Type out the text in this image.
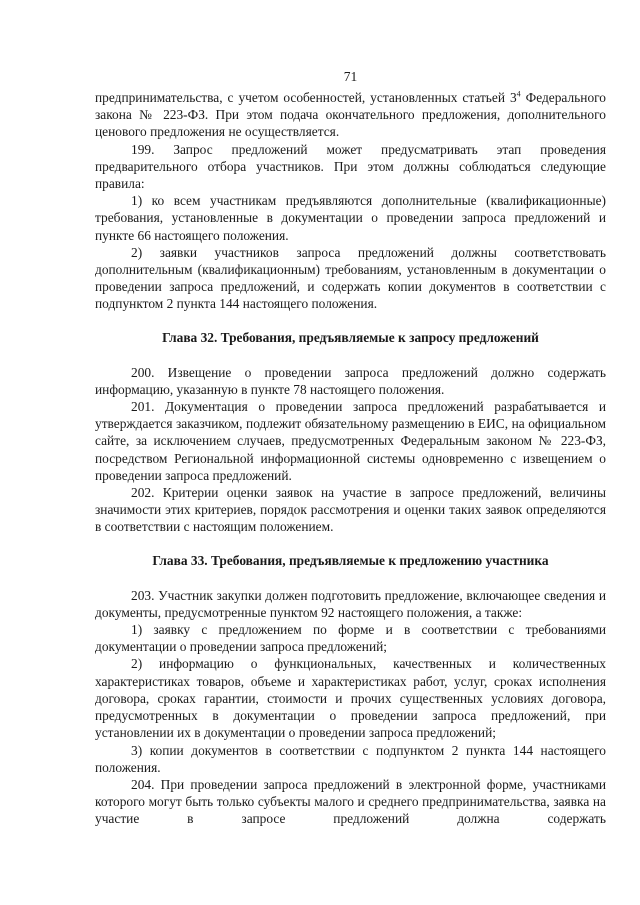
71

предпринимательства, с учетом особенностей, установленных статьей $3^4$ Федерального закона № 223-ФЗ. При этом подача окончательного предложения, дополнительного ценового предложения не осуществляется.

199. Запрос предложений может предусматривать этап проведения предварительного отбора участников. При этом должны соблюдаться следующие правила:

1) ко всем участникам предъявляются дополнительные (квалификационные) требования, установленные в документации о проведении запроса предложений и пункте 66 настоящего положения.

2) заявки участников запроса предложений должны соответствовать дополнительным (квалификационным) требованиям, установленным в документации о проведении запроса предложений, и содержать копии документов в соответствии с подпунктом 2 пункта 144 настоящего положения.

Глава 32. Требования, предъявляемые к запросу предложений

200. Извещение о проведении запроса предложений должно содержать информацию, указанную в пункте 78 настоящего положения.

201. Документация о проведении запроса предложений разрабатывается и утверждается заказчиком, подлежит обязательному размещению в ЕИС, на официальном сайте, за исключением случаев, предусмотренных Федеральным законом № 223-ФЗ, посредством Региональной информационной системы одновременно с извещением о проведении запроса предложений.

202. Критерии оценки заявок на участие в запросе предложений, величины значимости этих критериев, порядок рассмотрения и оценки таких заявок определяются в соответствии с настоящим положением.

Глава 33. Требования, предъявляемые к предложению участника

203. Участник закупки должен подготовить предложение, включающее сведения и документы, предусмотренные пунктом 92 настоящего положения, а также:

1) заявку с предложением по форме и в соответствии с требованиями документации о проведении запроса предложений;

2) информацию о функциональных, качественных и количественных характеристиках товаров, объеме и характеристиках работ, услуг, сроках исполнения договора, сроках гарантии, стоимости и прочих существенных условиях договора, предусмотренных в документации о проведении запроса предложений, при установлении их в документации о проведении запроса предложений;

3) копии документов в соответствии с подпунктом 2 пункта 144 настоящего положения.

204. При проведении запроса предложений в электронной форме, участниками которого могут быть только субъекты малого и среднего предпринимательства, заявка на участие в запросе предложений должна содержать
